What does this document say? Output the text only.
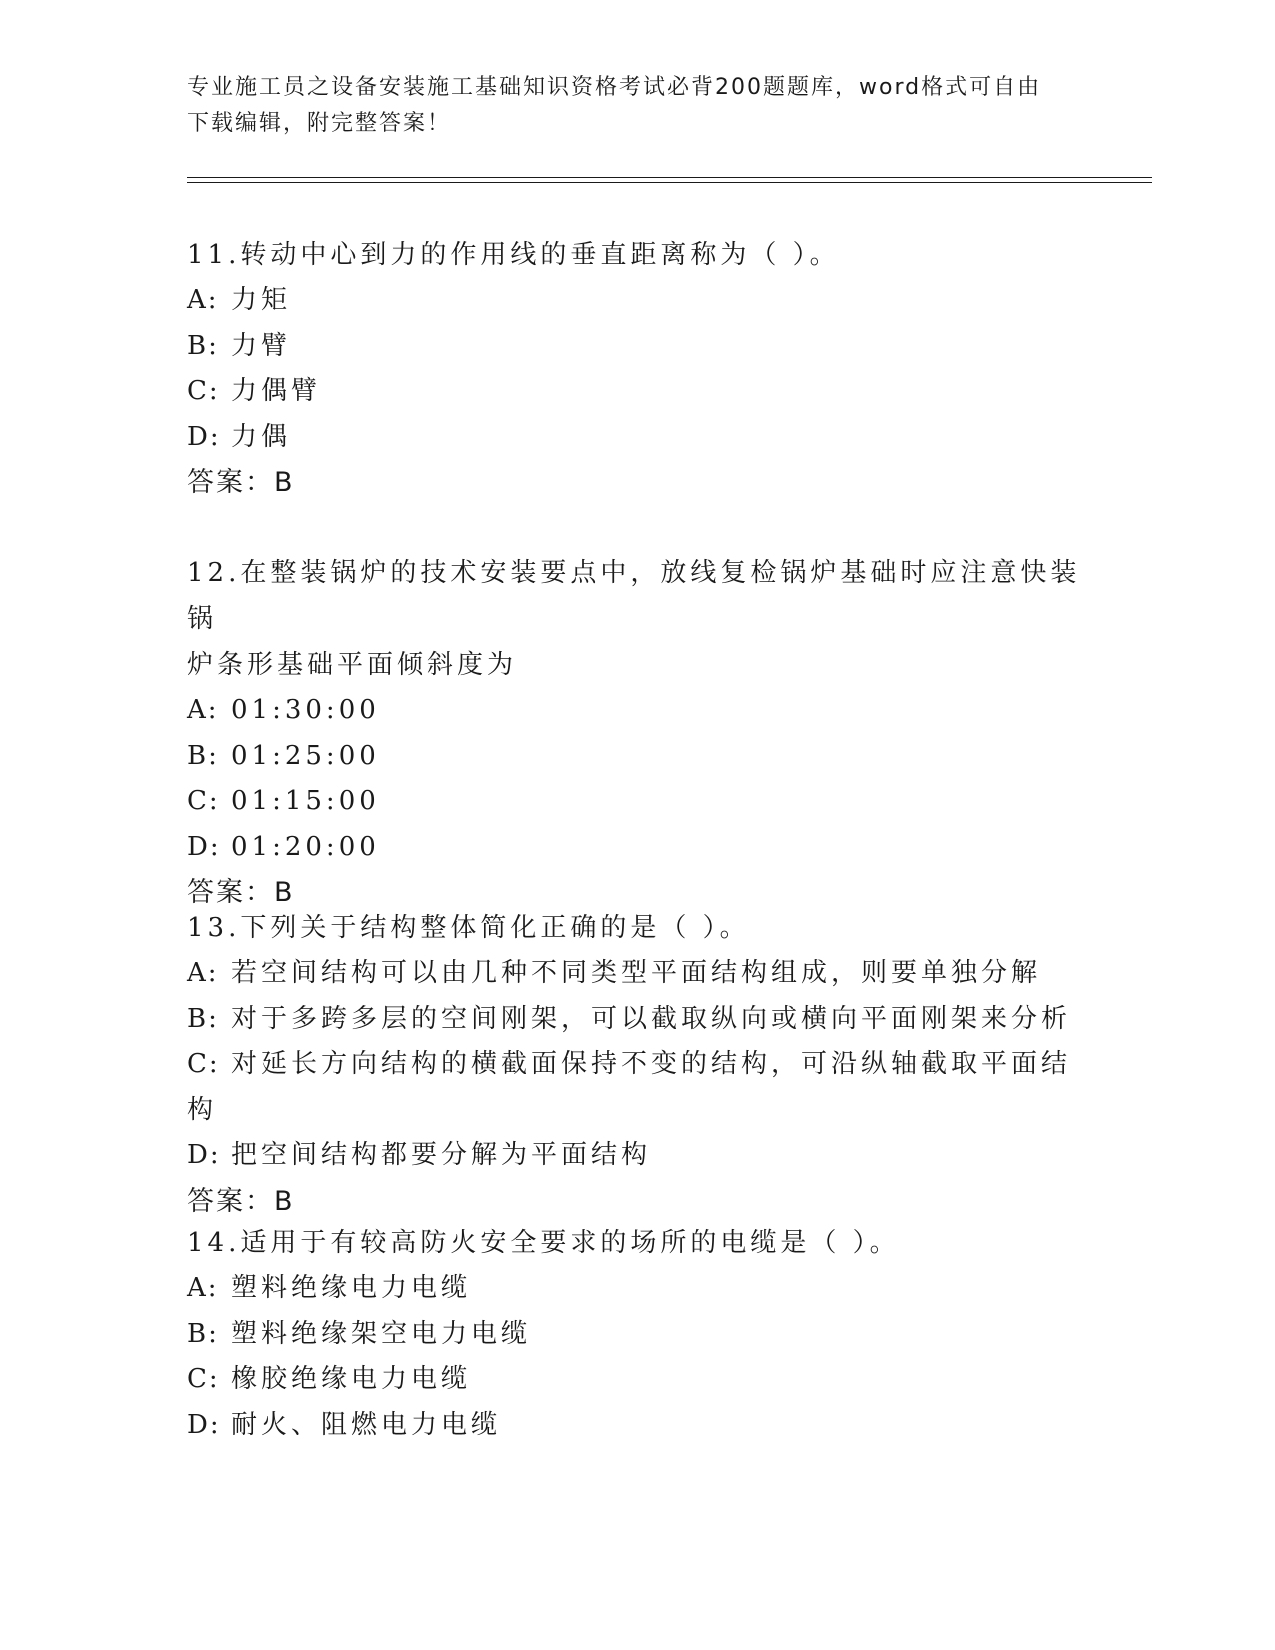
专业施工员之设备安装施工基础知识资格考试必背200题题库，word格式可自由
下载编辑，附完整答案！

11.转动中心到力的作用线的垂直距离称为（ ）。

A: 力矩

B: 力臂

C: 力偶臂

D: 力偶

答案：B

12.在整装锅炉的技术安装要点中，放线复检锅炉基础时应注意快装锅

炉条形基础平面倾斜度为

A: 01:30:00

B: 01:25:00

C: 01:15:00

D: 01:20:00

答案：B

13.下列关于结构整体简化正确的是（ ）。

A: 若空间结构可以由几种不同类型平面结构组成，则要单独分解

B: 对于多跨多层的空间刚架，可以截取纵向或横向平面刚架来分析

C: 对延长方向结构的横截面保持不变的结构，可沿纵轴截取平面结构

D: 把空间结构都要分解为平面结构

答案：B

14.适用于有较高防火安全要求的场所的电缆是（ ）。

A: 塑料绝缘电力电缆

B: 塑料绝缘架空电力电缆

C: 橡胶绝缘电力电缆

D: 耐火、阻燃电力电缆
